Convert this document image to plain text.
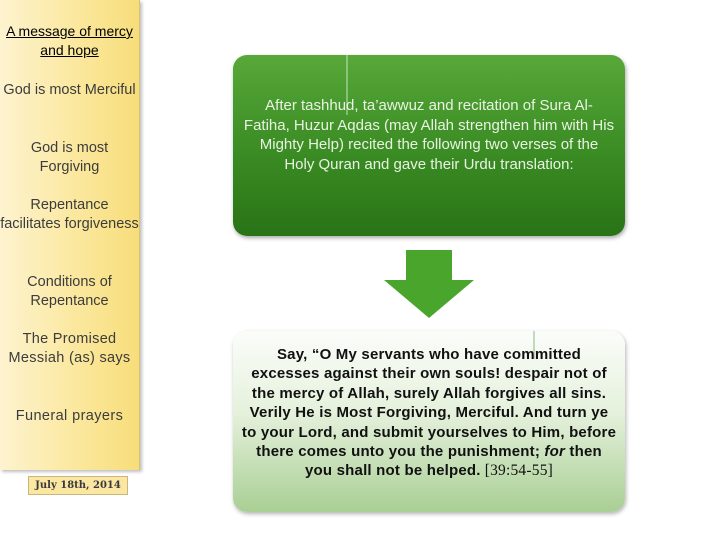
A message of mercy and hope
God is most Merciful
God is most Forgiving
Repentance facilitates forgiveness
Conditions of Repentance
The Promised Messiah (as) says
Funeral prayers
July 18th, 2014
After tashhud, ta’awwuz and recitation of Sura Al-Fatiha, Huzur Aqdas (may Allah strengthen him with His Mighty Help) recited the following two verses of the Holy Quran and gave their Urdu translation:
Say, “O My servants who have committed excesses against their own souls! despair not of the mercy of Allah, surely Allah forgives all sins. Verily He is Most Forgiving, Merciful. And turn ye to your Lord, and submit yourselves to Him, before there comes unto you the punishment; for then you shall not be helped. [39:54-55]
